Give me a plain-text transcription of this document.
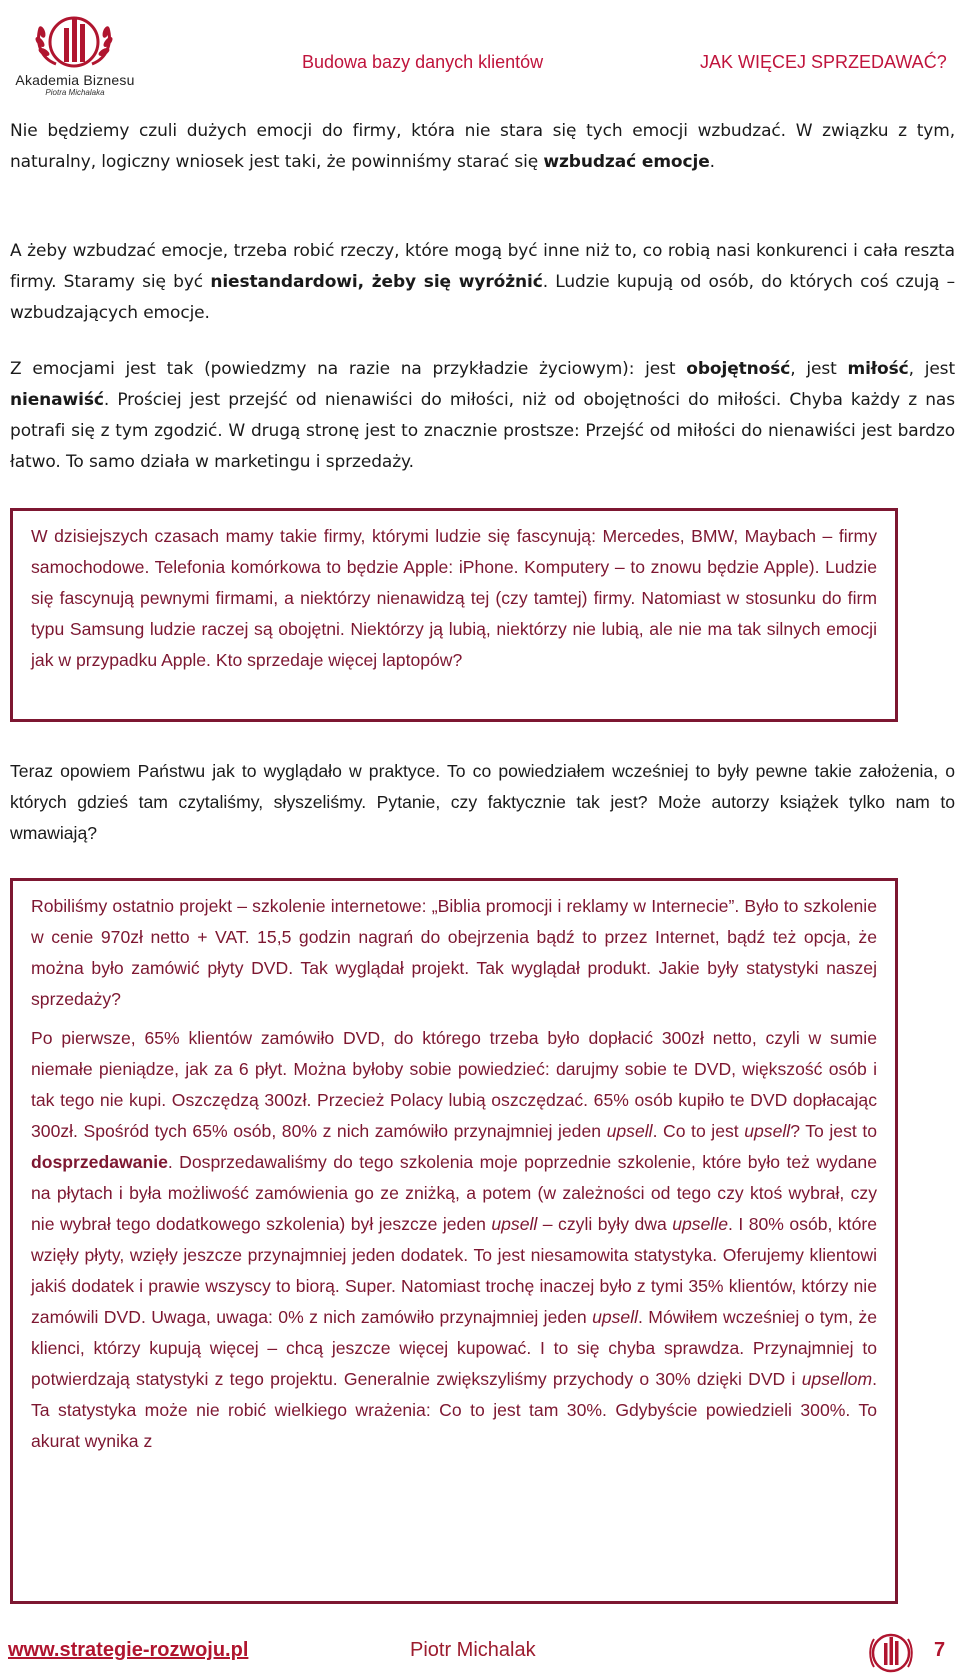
Akademia Biznesu
Piotra Michalaka
Budowa bazy danych klientów	JAK WIĘCEJ SPRZEDAWAĆ?

Nie będziemy czuli dużych emocji do firmy, która nie stara się tych emocji wzbudzać. W związku z tym, naturalny, logiczny wniosek jest taki, że powinniśmy starać się wzbudzać emocje.

A żeby wzbudzać emocje, trzeba robić rzeczy, które mogą być inne niż to, co robią nasi konkurenci i cała reszta firmy. Staramy się być niestandardowi, żeby się wyróżnić. Ludzie kupują od osób, do których coś czują – wzbudzających emocje.

Z emocjami jest tak (powiedzmy na razie na przykładzie życiowym): jest obojętność, jest miłość, jest nienawiść. Prościej jest przejść od nienawiści do miłości, niż od obojętności do miłości. Chyba każdy z nas potrafi się z tym zgodzić. W drugą stronę jest to znacznie prostsze: Przejść od miłości do nienawiści jest bardzo łatwo. To samo działa w marketingu i sprzedaży.

W dzisiejszych czasach mamy takie firmy, którymi ludzie się fascynują: Mercedes, BMW, Maybach – firmy samochodowe. Telefonia komórkowa to będzie Apple: iPhone. Komputery – to znowu będzie Apple). Ludzie się fascynują pewnymi firmami, a niektórzy nienawidzą tej (czy tamtej) firmy. Natomiast w stosunku do firm typu Samsung ludzie raczej są obojętni. Niektórzy ją lubią, niektórzy nie lubią, ale nie ma tak silnych emocji jak w przypadku Apple. Kto sprzedaje więcej laptopów?

Teraz opowiem Państwu jak to wyglądało w praktyce. To co powiedziałem wcześniej to były pewne takie założenia, o których gdzieś tam czytaliśmy, słyszeliśmy. Pytanie, czy faktycznie tak jest? Może autorzy książek tylko nam to wmawiają?

Robiliśmy ostatnio projekt – szkolenie internetowe: „Biblia promocji i reklamy w Internecie”. Było to szkolenie w cenie 970zł netto + VAT. 15,5 godzin nagrań do obejrzenia bądź to przez Internet, bądź też opcja, że można było zamówić płyty DVD. Tak wyglądał projekt. Tak wyglądał produkt. Jakie były statystyki naszej sprzedaży?

Po pierwsze, 65% klientów zamówiło DVD, do którego trzeba było dopłacić 300zł netto, czyli w sumie niemałe pieniądze, jak za 6 płyt. Można byłoby sobie powiedzieć: darujmy sobie te DVD, większość osób i tak tego nie kupi. Oszczędzą 300zł. Przecież Polacy lubią oszczędzać. 65% osób kupiło te DVD dopłacając 300zł. Spośród tych 65% osób, 80% z nich zamówiło przynajmniej jeden upsell. Co to jest upsell? To jest to dosprzedawanie. Dosprzedawaliśmy do tego szkolenia moje poprzednie szkolenie, które było też wydane na płytach i była możliwość zamówienia go ze zniżką, a potem (w zależności od tego czy ktoś wybrał, czy nie wybrał tego dodatkowego szkolenia) był jeszcze jeden upsell – czyli były dwa upselle. I 80% osób, które wzięły płyty, wzięły jeszcze przynajmniej jeden dodatek. To jest niesamowita statystyka. Oferujemy klientowi jakiś dodatek i prawie wszyscy to biorą. Super. Natomiast trochę inaczej było z tymi 35% klientów, którzy nie zamówili DVD. Uwaga, uwaga: 0% z nich zamówiło przynajmniej jeden upsell. Mówiłem wcześniej o tym, że klienci, którzy kupują więcej – chcą jeszcze więcej kupować. I to się chyba sprawdza. Przynajmniej to potwierdzają statystyki z tego projektu. Generalnie zwiększyliśmy przychody o 30% dzięki DVD i upsellom. Ta statystyka może nie robić wielkiego wrażenia: Co to jest tam 30%. Gdybyście powiedzieli 300%. To akurat wynika z

www.strategie-rozwoju.pl	Piotr Michalak	7
